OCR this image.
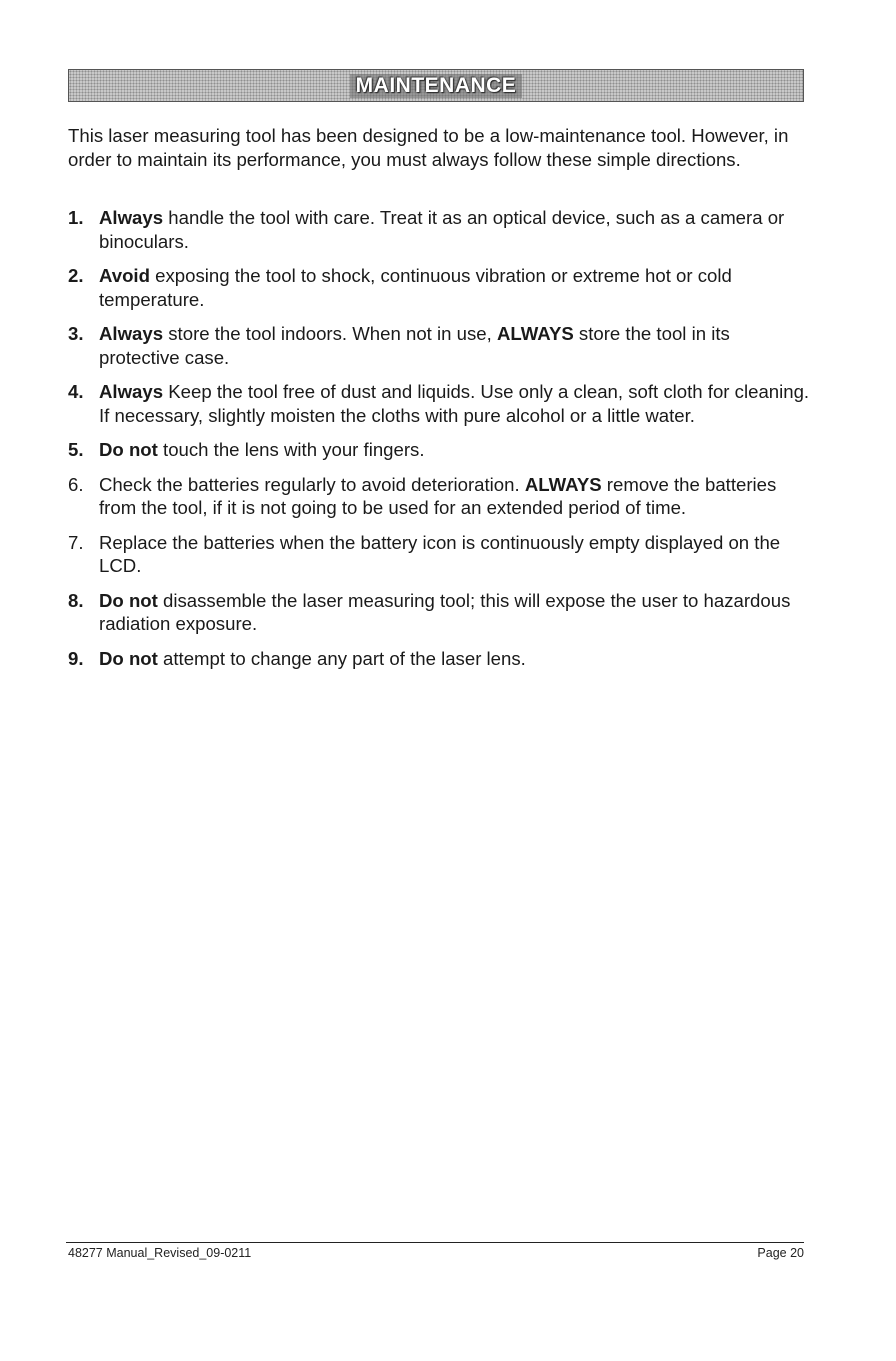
MAINTENANCE

This laser measuring tool has been designed to be a low-maintenance tool. However, in order to maintain its performance, you must always follow these simple directions.

1. Always handle the tool with care. Treat it as an optical device, such as a camera or binoculars.
2. Avoid exposing the tool to shock, continuous vibration or extreme hot or cold temperature.
3. Always store the tool indoors. When not in use, ALWAYS store the tool in its protective case.
4. Always Keep the tool free of dust and liquids. Use only a clean, soft cloth for cleaning. If necessary, slightly moisten the cloths with pure alcohol or a little water.
5. Do not touch the lens with your fingers.
6. Check the batteries regularly to avoid deterioration. ALWAYS remove the batteries from the tool, if it is not going to be used for an extended period of time.
7. Replace the batteries when the battery icon is continuously empty displayed on the LCD.
8. Do not disassemble the laser measuring tool; this will expose the user to hazardous radiation exposure.
9. Do not attempt to change any part of the laser lens.
48277 Manual_Revised_09-0211	Page 20
